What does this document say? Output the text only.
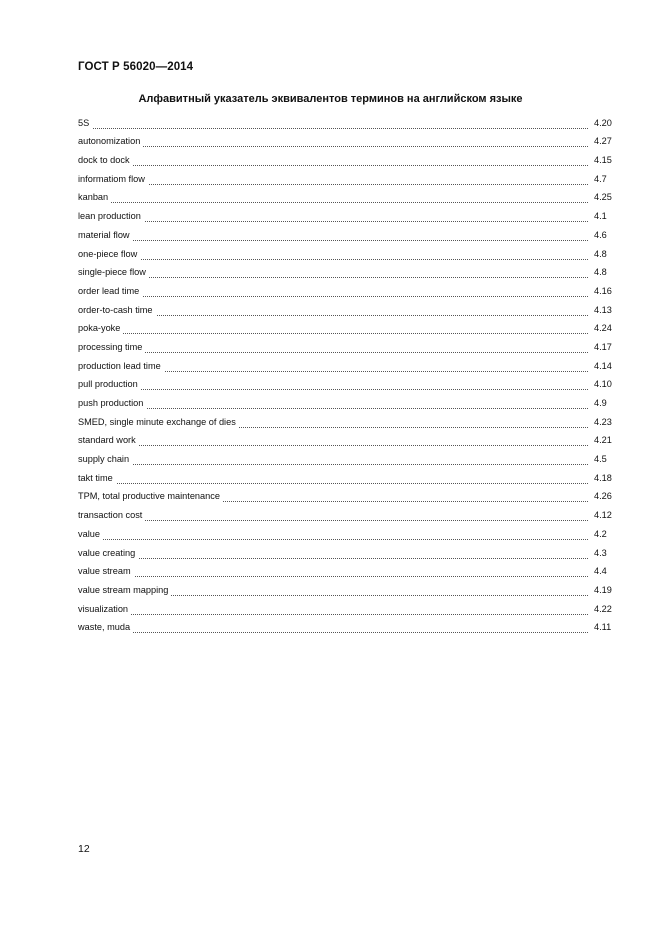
ГОСТ Р 56020—2014
Алфавитный указатель эквивалентов терминов на английском языке
5S	4.20
autonomization	4.27
dock to dock	4.15
informatiom flow	4.7
kanban	4.25
lean production	4.1
material flow	4.6
one-piece flow	4.8
single-piece flow	4.8
order lead time	4.16
order-to-cash time	4.13
poka-yoke	4.24
processing time	4.17
production lead time	4.14
pull production	4.10
push production	4.9
SMED, single minute exchange of dies	4.23
standard work	4.21
supply chain	4.5
takt time	4.18
TPM, total productive maintenance	4.26
transaction cost	4.12
value	4.2
value creating	4.3
value stream	4.4
value stream mapping	4.19
visualization	4.22
waste, muda	4.11
12
